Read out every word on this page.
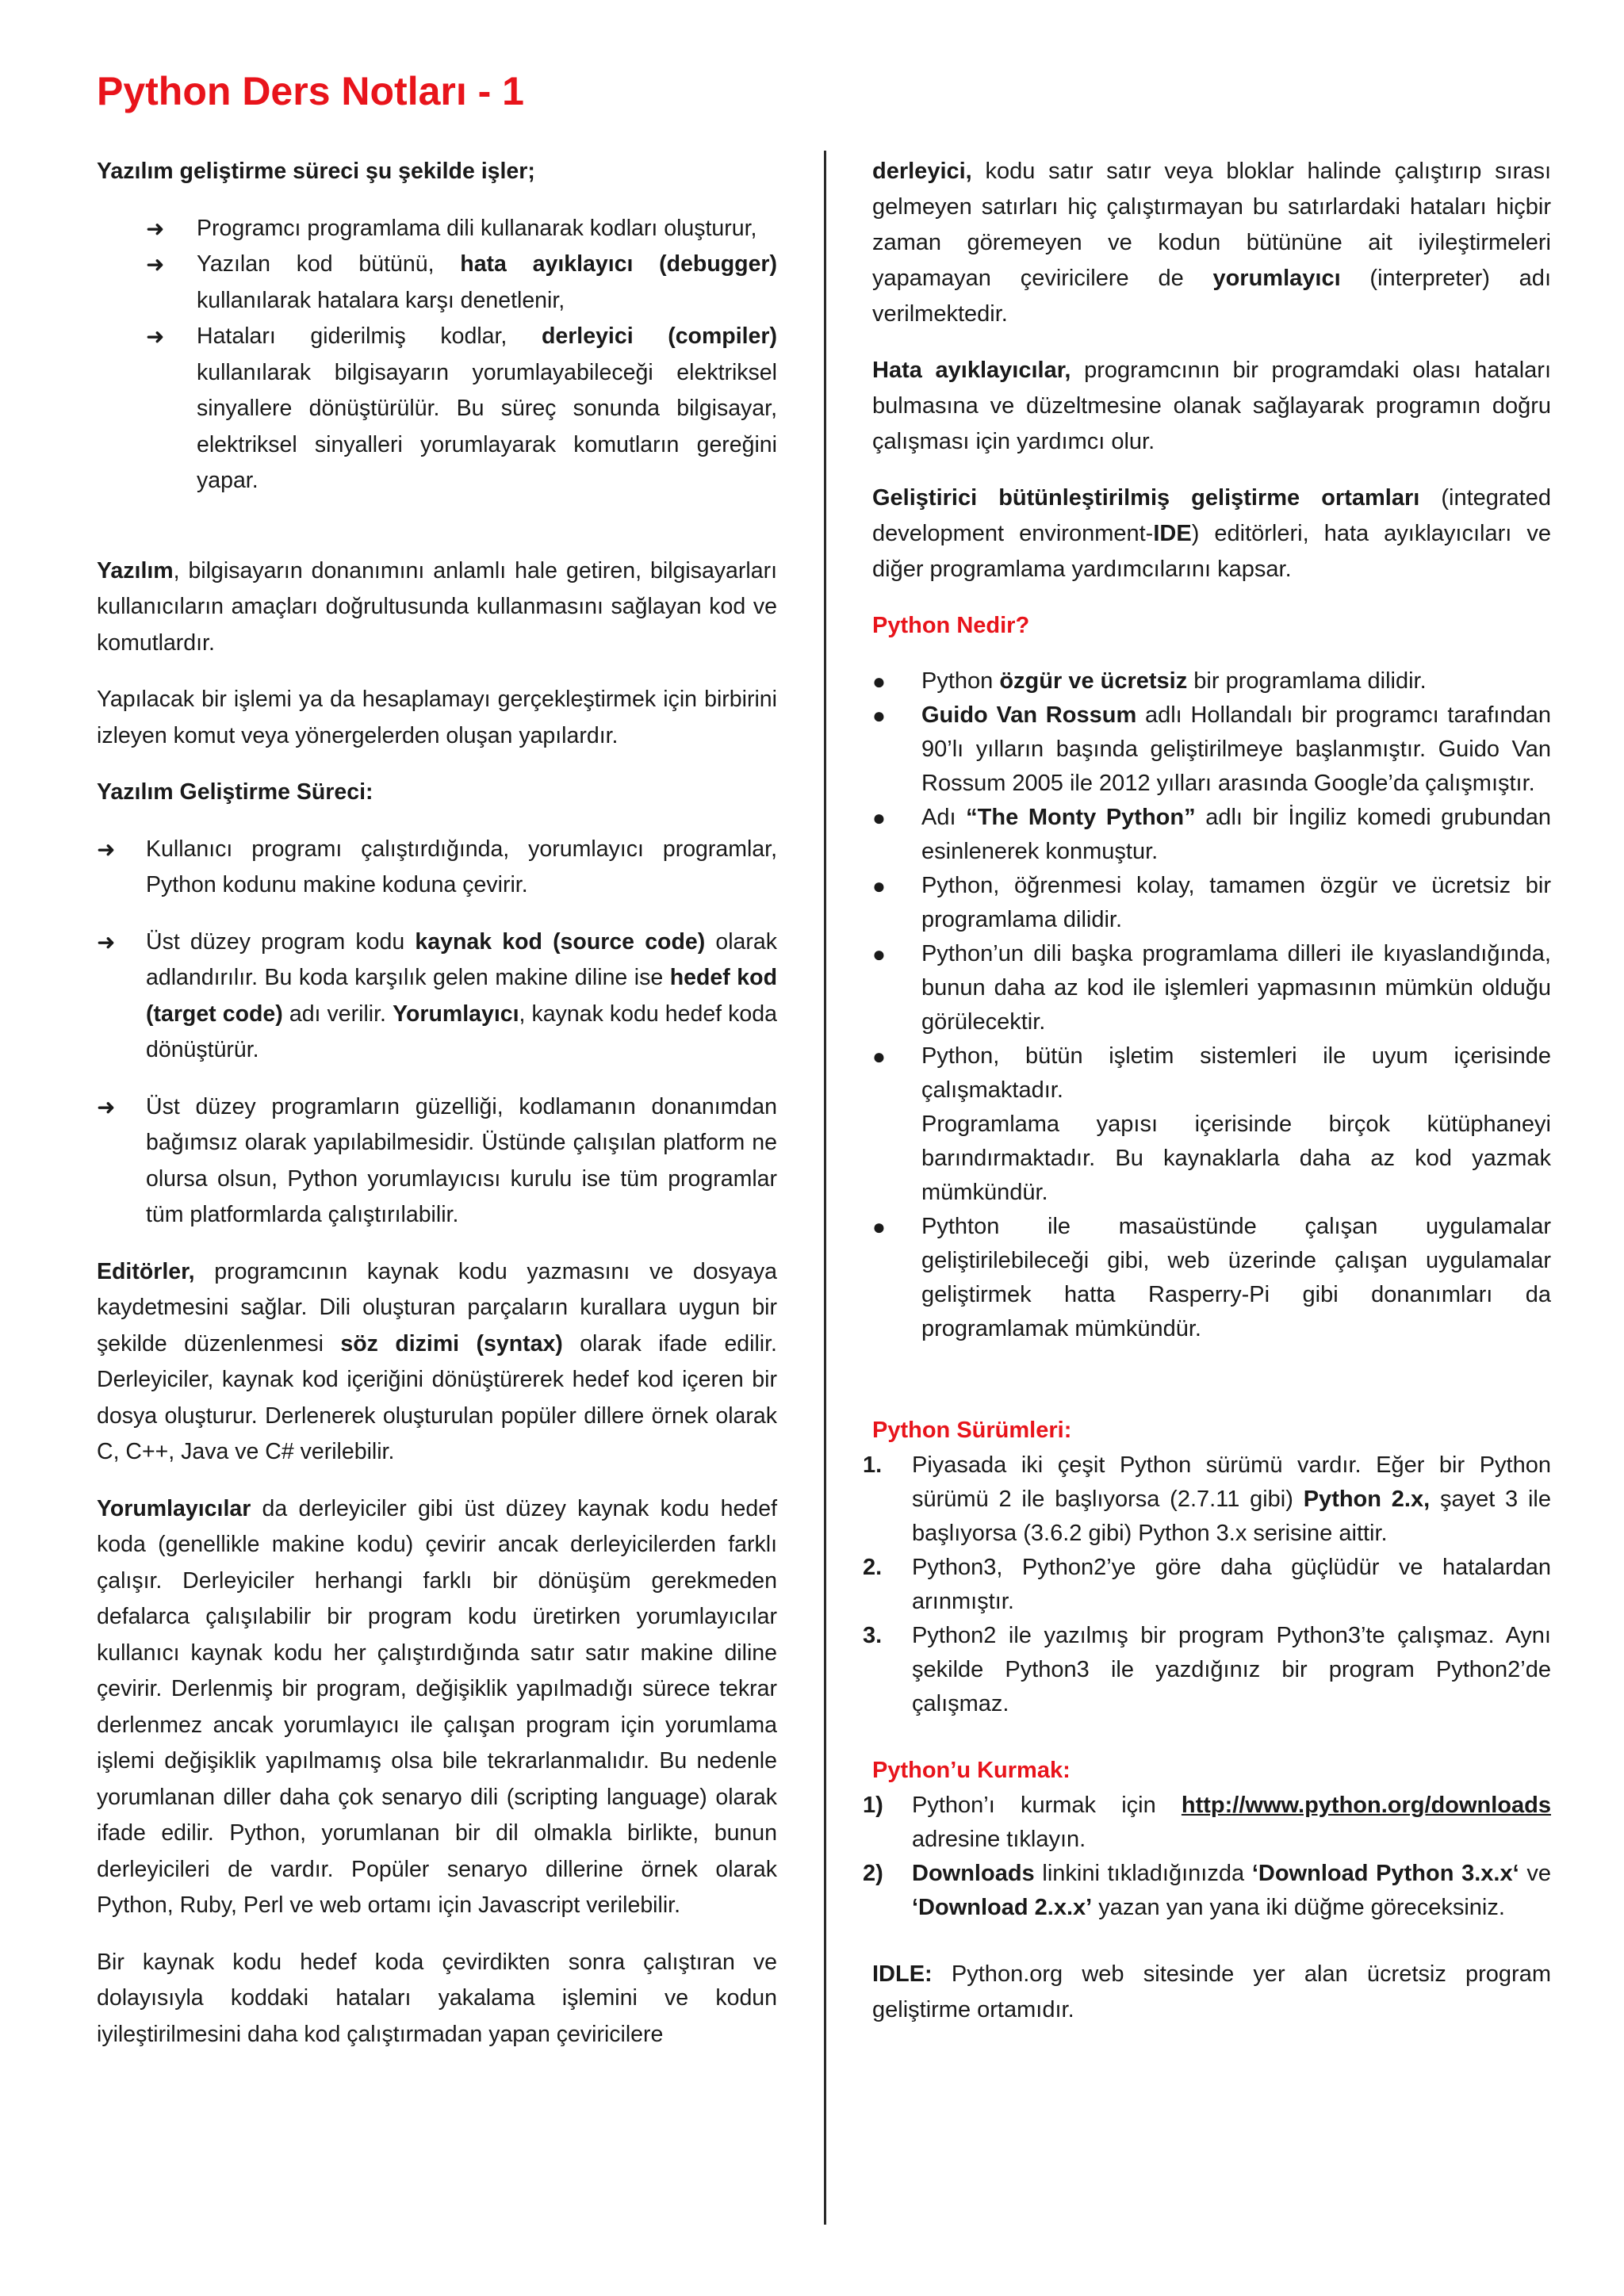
Python Ders Notları - 1

Yazılım geliştirme süreci şu şekilde işler;

➜ Programcı programlama dili kullanarak kodları oluşturur,
➜ Yazılan kod bütünü, hata ayıklayıcı (debugger) kullanılarak hatalara karşı denetlenir,
➜ Hataları giderilmiş kodlar, derleyici (compiler) kullanılarak bilgisayarın yorumlayabileceği elektriksel sinyallere dönüştürülür. Bu süreç sonunda bilgisayar, elektriksel sinyalleri yorumlayarak komutların gereğini yapar.

Yazılım, bilgisayarın donanımını anlamlı hale getiren, bilgisayarları kullanıcıların amaçları doğrultusunda kullanmasını sağlayan kod ve komutlardır.

Yapılacak bir işlemi ya da hesaplamayı gerçekleştirmek için birbirini izleyen komut veya yönergelerden oluşan yapılardır.

Yazılım Geliştirme Süreci:

➜ Kullanıcı programı çalıştırdığında, yorumlayıcı programlar, Python kodunu makine koduna çevirir.
➜ Üst düzey program kodu kaynak kod (source code) olarak adlandırılır. Bu koda karşılık gelen makine diline ise hedef kod (target code) adı verilir. Yorumlayıcı, kaynak kodu hedef koda dönüştürür.
➜ Üst düzey programların güzelliği, kodlamanın donanımdan bağımsız olarak yapılabilmesidir. Üstünde çalışılan platform ne olursa olsun, Python yorumlayıcısı kurulu ise tüm programlar tüm platformlarda çalıştırılabilir.

Editörler, programcının kaynak kodu yazmasını ve dosyaya kaydetmesini sağlar. Dili oluşturan parçaların kurallara uygun bir şekilde düzenlenmesi söz dizimi (syntax) olarak ifade edilir. Derleyiciler, kaynak kod içeriğini dönüştürerek hedef kod içeren bir dosya oluşturur. Derlenerek oluşturulan popüler dillere örnek olarak C, C++, Java ve C# verilebilir.

Yorumlayıcılar da derleyiciler gibi üst düzey kaynak kodu hedef koda (genellikle makine kodu) çevirir ancak derleyicilerden farklı çalışır. Derleyiciler herhangi farklı bir dönüşüm gerekmeden defalarca çalışılabilir bir program kodu üretirken yorumlayıcılar kullanıcı kaynak kodu her çalıştırdığında satır satır makine diline çevirir. Derlenmiş bir program, değişiklik yapılmadığı sürece tekrar derlenmez ancak yorumlayıcı ile çalışan program için yorumlama işlemi değişiklik yapılmamış olsa bile tekrarlanmalıdır. Bu nedenle yorumlanan diller daha çok senaryo dili (scripting language) olarak ifade edilir. Python, yorumlanan bir dil olmakla birlikte, bunun derleyicileri de vardır. Popüler senaryo dillerine örnek olarak Python, Ruby, Perl ve web ortamı için Javascript verilebilir.

Bir kaynak kodu hedef koda çevirdikten sonra çalıştıran ve dolayısıyla koddaki hataları yakalama işlemini ve kodun iyileştirilmesini daha kod çalıştırmadan yapan çeviricilere

derleyici, kodu satır satır veya bloklar halinde çalıştırıp sırası gelmeyen satırları hiç çalıştırmayan bu satırlardaki hataları hiçbir zaman göremeyen ve kodun bütününe ait iyileştirmeleri yapamayan çeviricilere de yorumlayıcı (interpreter) adı verilmektedir.

Hata ayıklayıcılar, programcının bir programdaki olası hataları bulmasına ve düzeltmesine olanak sağlayarak programın doğru çalışması için yardımcı olur.

Geliştirici bütünleştirilmiş geliştirme ortamları (integrated development environment-IDE) editörleri, hata ayıklayıcıları ve diğer programlama yardımcılarını kapsar.

Python Nedir?

● Python özgür ve ücretsiz bir programlama dilidir.
● Guido Van Rossum adlı Hollandalı bir programcı tarafından 90’lı yılların başında geliştirilmeye başlanmıştır. Guido Van Rossum 2005 ile 2012 yılları arasında Google’da çalışmıştır.
● Adı “The Monty Python” adlı bir İngiliz komedi grubundan esinlenerek konmuştur.
● Python, öğrenmesi kolay, tamamen özgür ve ücretsiz bir programlama dilidir.
● Python’un dili başka programlama dilleri ile kıyaslandığında, bunun daha az kod ile işlemleri yapmasının mümkün olduğu görülecektir.
● Python, bütün işletim sistemleri ile uyum içerisinde çalışmaktadır.
Programlama yapısı içerisinde birçok kütüphaneyi barındırmaktadır. Bu kaynaklarla daha az kod yazmak mümkündür.
● Pythton ile masaüstünde çalışan uygulamalar geliştirilebileceği gibi, web üzerinde çalışan uygulamalar geliştirmek hatta Rasperry-Pi gibi donanımları da programlamak mümkündür.

Python Sürümleri:

1. Piyasada iki çeşit Python sürümü vardır. Eğer bir Python sürümü 2 ile başlıyorsa (2.7.11 gibi) Python 2.x, şayet 3 ile başlıyorsa (3.6.2 gibi) Python 3.x serisine aittir.
2. Python3, Python2’ye göre daha güçlüdür ve hatalardan arınmıştır.
3. Python2 ile yazılmış bir program Python3’te çalışmaz. Aynı şekilde Python3 ile yazdığınız bir program Python2’de çalışmaz.

Python’u Kurmak:

1) Python’ı kurmak için http://www.python.org/downloads adresine tıklayın.
2) Downloads linkini tıkladığınızda ‘Download Python 3.x.x‘ ve ‘Download 2.x.x’ yazan yan yana iki düğme göreceksiniz.

IDLE: Python.org web sitesinde yer alan ücretsiz program geliştirme ortamıdır.
